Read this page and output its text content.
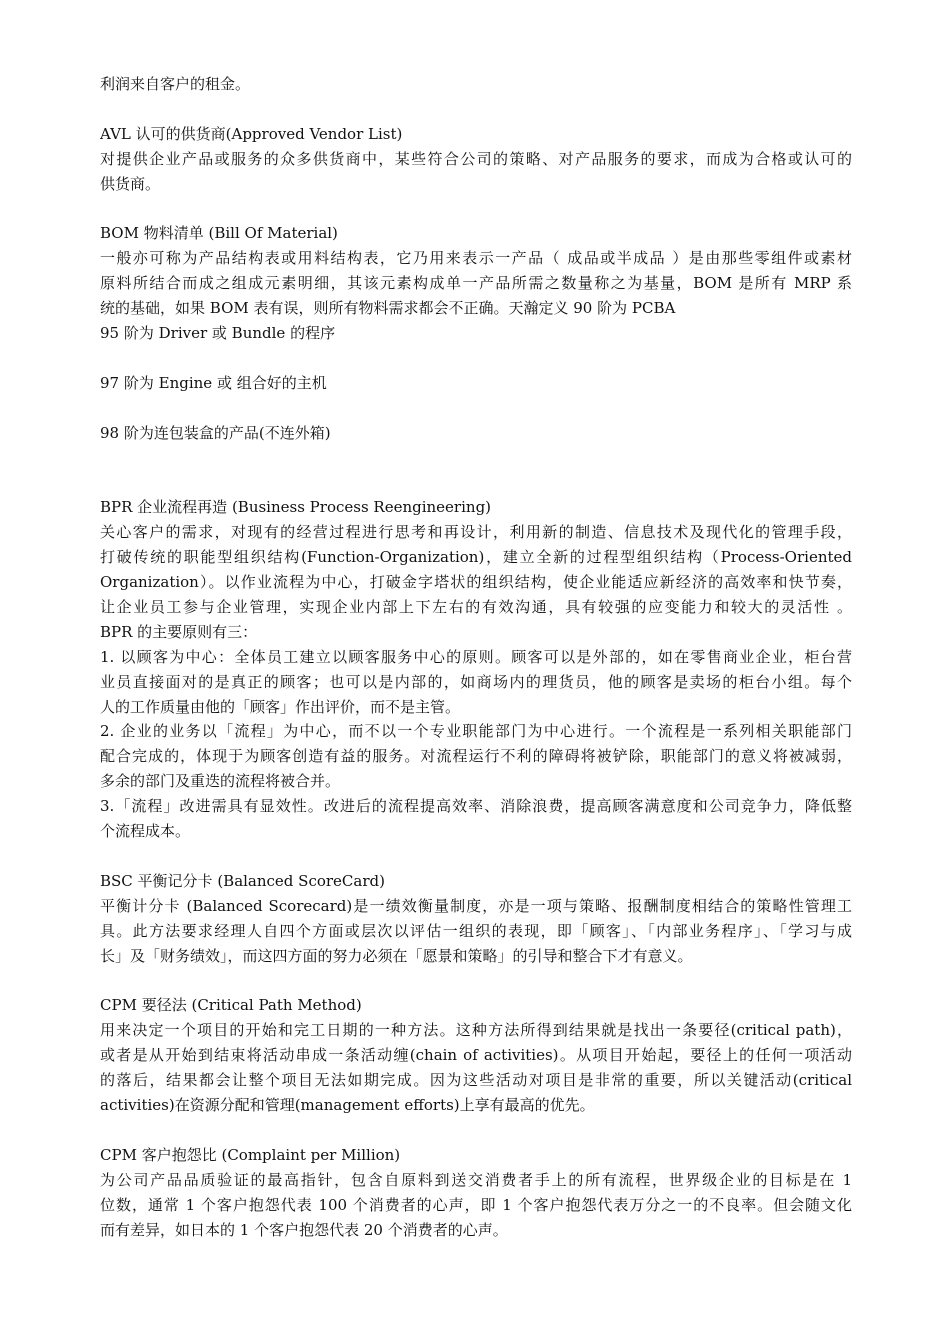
利润来自客户的租金。
AVL 认可的供货商(Approved Vendor List)
对提供企业产品或服务的众多供货商中，某些符合公司的策略、对产品服务的要求，而成为合格或认可的
供货商。
BOM 物料清单 (Bill Of Material)
一般亦可称为产品结构表或用料结构表，它乃用来表示一产品（ 成品或半成品 ）是由那些零组件或素材
原料所结合而成之组成元素明细，其该元素构成单一产品所需之数量称之为基量，BOM 是所有 MRP 系
统的基础，如果 BOM 表有误，则所有物料需求都会不正确。天瀚定义 90 阶为 PCBA
95 阶为 Driver 或 Bundle 的程序
97 阶为 Engine 或 组合好的主机
98 阶为连包装盒的产品(不连外箱)
BPR 企业流程再造 (Business Process Reengineering)
关心客户的需求，对现有的经营过程进行思考和再设计，利用新的制造、信息技术及现代化的管理手段，
打破传统的职能型组织结构(Function-Organization)，建立全新的过程型组织结构（Process-Oriented
Organization）。以作业流程为中心，打破金字塔状的组织结构，使企业能适应新经济的高效率和快节奏，
让企业员工参与企业管理，实现企业内部上下左右的有效沟通，具有较强的应变能力和较大的灵活性 。
BPR 的主要原则有三：
1. 以顾客为中心：全体员工建立以顾客服务中心的原则。顾客可以是外部的，如在零售商业企业，柜台营
业员直接面对的是真正的顾客；也可以是内部的，如商场内的理货员，他的顾客是卖场的柜台小组。每个
人的工作质量由他的「顾客」作出评价，而不是主管。
2. 企业的业务以「流程」为中心，而不以一个专业职能部门为中心进行。一个流程是一系列相关职能部门
配合完成的，体现于为顾客创造有益的服务。对流程运行不利的障碍将被铲除，职能部门的意义将被减弱，
多余的部门及重迭的流程将被合并。
3.「流程」改进需具有显效性。改进后的流程提高效率、消除浪费，提高顾客满意度和公司竞争力，降低整
个流程成本。
BSC 平衡记分卡 (Balanced ScoreCard)
平衡计分卡 (Balanced Scorecard)是一绩效衡量制度，亦是一项与策略、报酬制度相结合的策略性管理工
具。此方法要求经理人自四个方面或层次以评估一组织的表现，即「顾客」、「内部业务程序」、「学习与成
长」及「财务绩效」，而这四方面的努力必须在「愿景和策略」的引导和整合下才有意义。
CPM 要径法 (Critical Path Method)
用来决定一个项目的开始和完工日期的一种方法。这种方法所得到结果就是找出一条要径(critical path)，
或者是从开始到结束将活动串成一条活动缠(chain of activities)。从项目开始起，要径上的任何一项活动
的落后，结果都会让整个项目无法如期完成。因为这些活动对项目是非常的重要，所以关键活动(critical
activities)在资源分配和管理(management efforts)上享有最高的优先。
CPM 客户抱怨比 (Complaint per Million)
为公司产品品质验证的最高指针，包含自原料到送交消费者手上的所有流程，世界级企业的目标是在 1
位数，通常 1 个客户抱怨代表 100 个消费者的心声，即 1 个客户抱怨代表万分之一的不良率。但会随文化
而有差异，如日本的 1 个客户抱怨代表 20 个消费者的心声。
